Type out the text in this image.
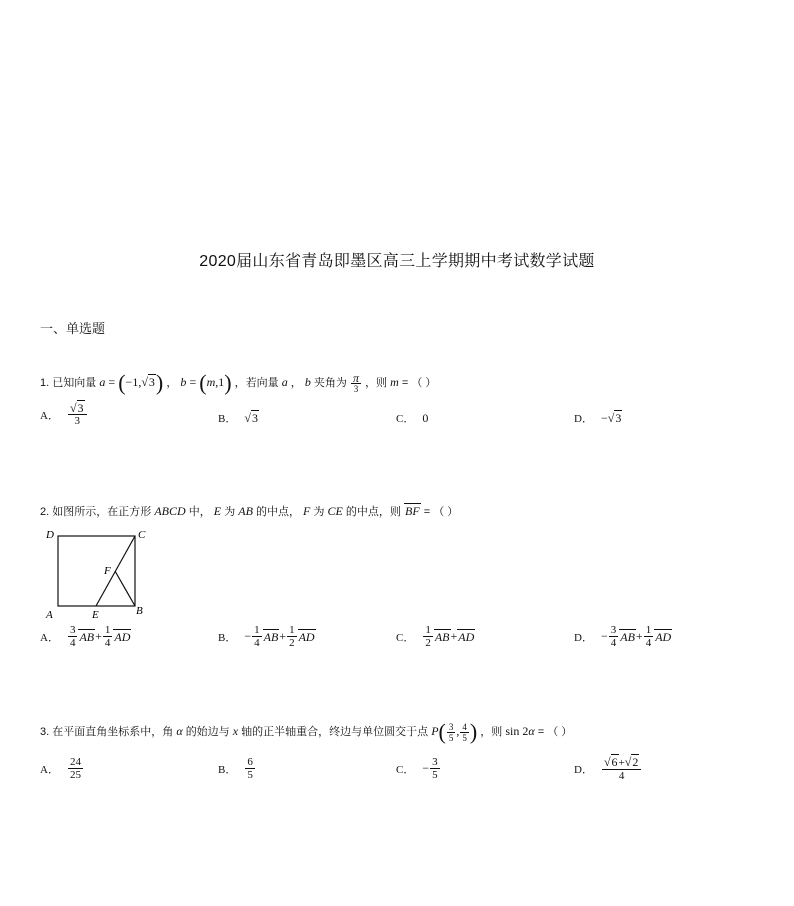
2020届山东省青岛即墨区高三上学期期中考试数学试题
一、单选题
1. 已知向量 a = (−1,√3) ， b = (m,1) ，若向量 a ， b 夹角为 $\frac{\pi}{3}$ ，则 m = （ ）
A． $\frac{√3}{3}$	B． √3	C． 0	D． − √3
2. 如图所示，在正方形 ABCD 中， E 为 AB 的中点， F 为 CE 的中点，则 BF = （ ）
D	C
F
A	E	B
A． $\frac{3}{4}$ AB + $\frac{1}{4}$ AD	B． − $\frac{1}{4}$ AB + $\frac{1}{2}$ AD	C． $\frac{1}{2}$ AB + AD	D． − $\frac{3}{4}$ AB + $\frac{1}{4}$ AD
3. 在平面直角坐标系中，角 α 的始边与 x 轴的正半轴重合，终边与单位圆交于点 $P( \frac{3}{5}$ , $\frac{4}{5}$ ) ，则 sin 2α = （ ）
A． $\frac{24}{25}$	B． $\frac{6}{5}$	C． − $\frac{3}{5}$	D． $\frac{√6+√2}{4}$
